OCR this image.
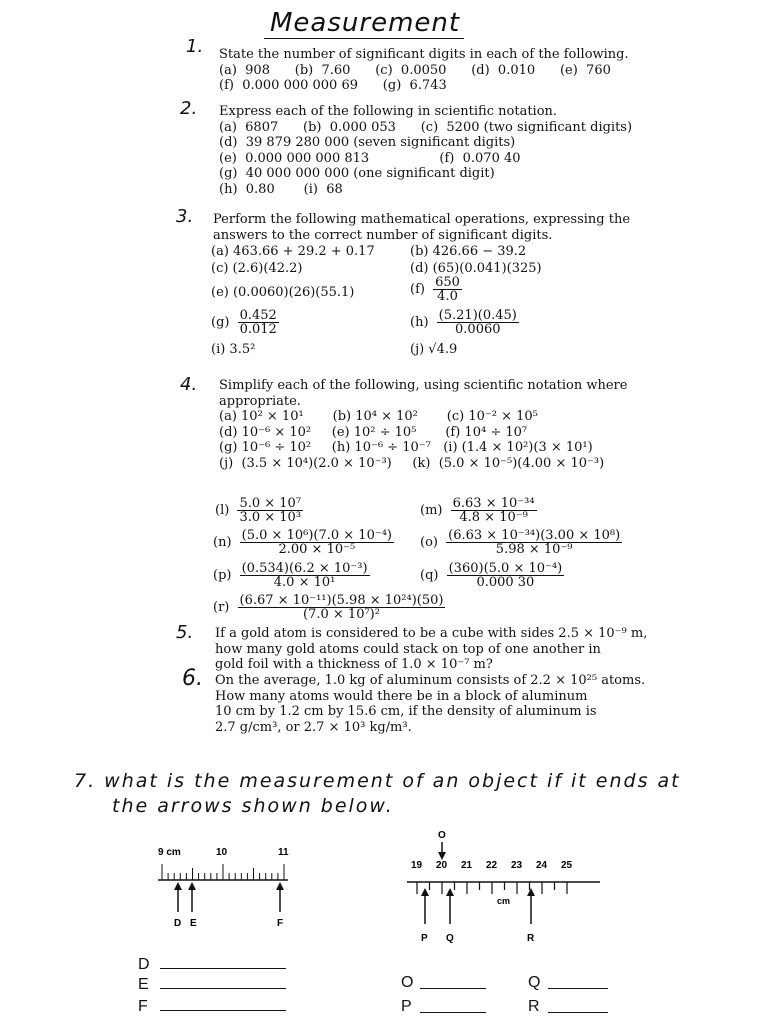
Measurement
1. State the number of significant digits in each of the following.
(a)  908      (b)  7.60      (c)  0.0050      (d)  0.010      (e)  760
(f)  0.000 000 000 69      (g)  6.743
2. Express each of the following in scientific notation.
(a)  6807      (b)  0.000 053      (c)  5200 (two significant digits)
(d)  39 879 280 000 (seven significant digits)
(e)  0.000 000 000 813                 (f)  0.070 40
(g)  40 000 000 000 (one significant digit)
(h)  0.80       (i)  68
3. Perform the following mathematical operations, expressing the
answers to the correct number of significant digits.
(a) 463.66 + 29.2 + 0.17	(b) 426.66 − 39.2
(c) (2.6)(42.2)	(d) (65)(0.041)(325)
(e) (0.0060)(26)(55.1)	$(f) \frac{650}{4.0}$
$(g) \frac{0.452}{0.012}$	$(h) \frac{(5.21)(0.45)}{0.0060}$
(i) 3.5²	(j) √4.9
4. Simplify each of the following, using scientific notation where
appropriate.
(a) 10² × 10¹       (b) 10⁴ × 10²       (c) 10⁻² × 10⁵
(d) 10⁻⁶ × 10²     (e) 10² ÷ 10⁵       (f) 10⁴ ÷ 10⁷
(g) 10⁻⁶ ÷ 10²     (h) 10⁻⁶ ÷ 10⁻⁷   (i) (1.4 × 10²)(3 × 10¹)
(j)  (3.5 × 10⁴)(2.0 × 10⁻³)     (k)  (5.0 × 10⁻⁵)(4.00 × 10⁻³)
$(l) \frac{\text{5.0 × 10⁷}}{\text{3.0 × 10³}}$	$(m) \frac{\text{6.63 × 10⁻³⁴}}{\text{4.8 × 10⁻⁹}}$
$(n) \frac{\text{(5.0 × 10⁶)(7.0 × 10⁻⁴)}}{\text{2.00 × 10⁻⁵}} (o) \frac{\text{(6.63 × 10⁻³⁴)(3.00 × 10⁸)}}{\text{5.98 × 10⁻⁹}}$
$(p) \frac{\text{(0.534)(6.2 × 10⁻³)}}{\text{4.0 × 10¹}}$	$(q) \frac{\text{(360)(5.0 × 10⁻⁴)}}{0.000 30}$
$(r) \frac{\text{(6.67 × 10⁻¹¹)(5.98 × 10²⁴)(50)}}{\text{(7.0 × 10⁷)²}}$
5. If a gold atom is considered to be a cube with sides 2.5 × 10⁻⁹ m,
how many gold atoms could stack on top of one another in
gold foil with a thickness of 1.0 × 10⁻⁷ m?
6. On the average, 1.0 kg of aluminum consists of 2.2 × 10²⁵ atoms.
How many atoms would there be in a block of aluminum
10 cm by 1.2 cm by 15.6 cm, if the density of aluminum is
2.7 g/cm³, or 2.7 × 10³ kg/m³.
7. what is the measurement of an object if it ends at
the arrows shown below.
9 cm	10	11
D E	F
O
19 20 21 22 23 24 25
cm
P Q	R
D
E
F
O
P
Q
R
